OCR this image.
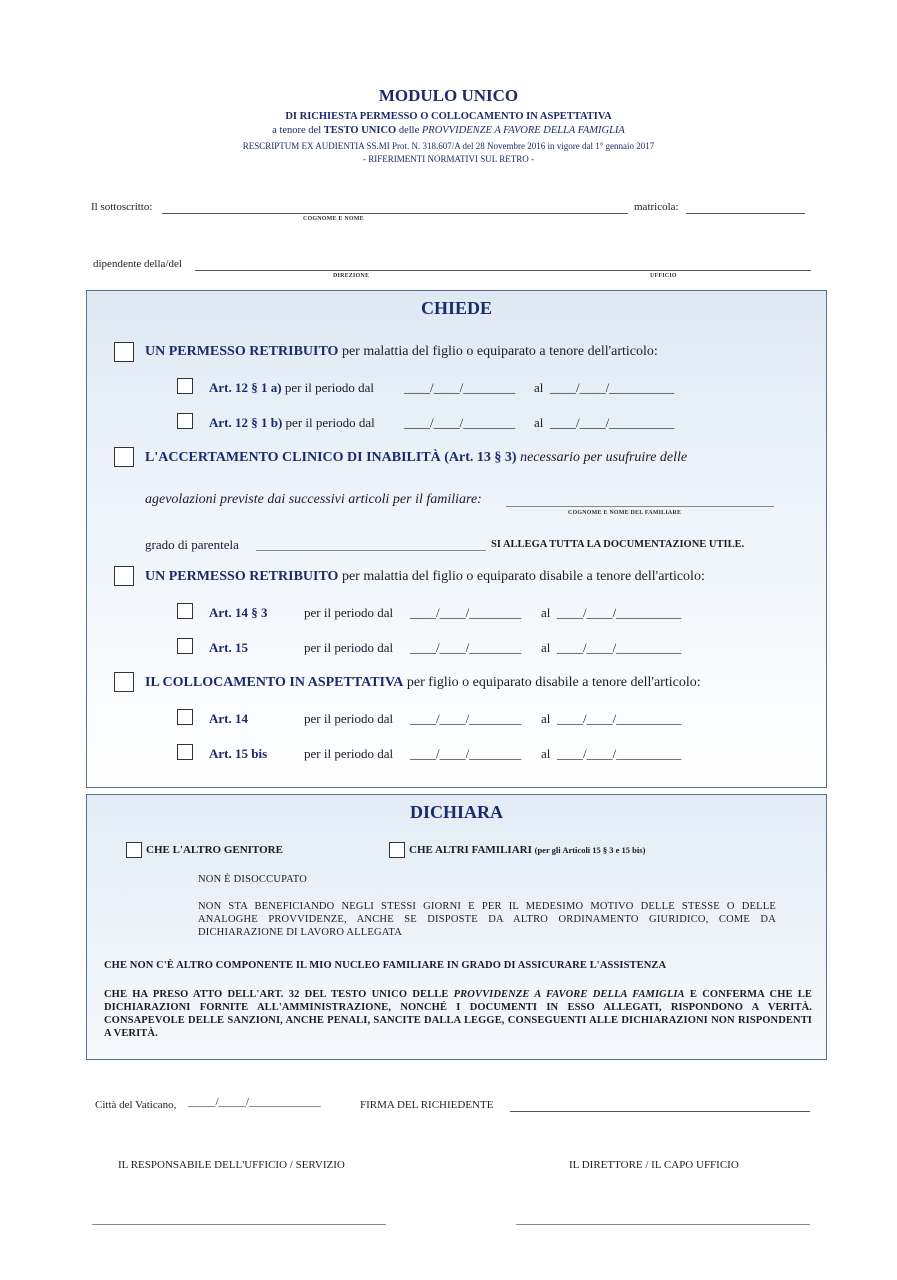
MODULO UNICO
DI RICHIESTA PERMESSO O COLLOCAMENTO IN ASPETTATIVA
a tenore del TESTO UNICO delle PROVVIDENZE A FAVORE DELLA FAMIGLIA
RESCRIPTUM EX AUDIENTIA SS.MI Prot. N. 318.607/A del 28 Novembre 2016 in vigore dal 1° gennaio 2017
- RIFERIMENTI NORMATIVI SUL RETRO -
Il sottoscritto:
COGNOME E NOME
matricola:
dipendente della/del
DIREZIONE	UFFICIO
CHIEDE
UN PERMESSO RETRIBUITO per malattia del figlio o equiparato a tenore dell'articolo:
Art. 12 § 1 a) per il periodo dal ____/____/________ al ____/____/__________
Art. 12 § 1 b) per il periodo dal ____/____/________ al ____/____/__________
L'ACCERTAMENTO CLINICO DI INABILITÀ (Art. 13 § 3) necessario per usufruire delle
agevolazioni previste dai successivi articoli per il familiare:
COGNOME E NOME DEL FAMILIARE
grado di parentela	SI ALLEGA TUTTA LA DOCUMENTAZIONE UTILE.
UN PERMESSO RETRIBUITO per malattia del figlio o equiparato disabile a tenore dell'articolo:
Art. 14 § 3	per il periodo dal ____/____/________ al ____/____/__________
Art. 15	per il periodo dal ____/____/________ al ____/____/__________
IL COLLOCAMENTO IN ASPETTATIVA per figlio o equiparato disabile a tenore dell'articolo:
Art. 14	per il periodo dal ____/____/________ al ____/____/__________
Art. 15 bis	per il periodo dal ____/____/________ al ____/____/__________
DICHIARA
CHE L'ALTRO GENITORE	CHE ALTRI FAMILIARI (per gli Articoli 15 § 3 e 15 bis)
NON È DISOCCUPATO
NON STA BENEFICIANDO NEGLI STESSI GIORNI E PER IL MEDESIMO MOTIVO DELLE STESSE O DELLE ANALOGHE PROVVIDENZE, ANCHE SE DISPOSTE DA ALTRO ORDINAMENTO GIURIDICO, COME DA DICHIARAZIONE DI LAVORO ALLEGATA
CHE NON C'È ALTRO COMPONENTE IL MIO NUCLEO FAMILIARE IN GRADO DI ASSICURARE L'ASSISTENZA
CHE HA PRESO ATTO DELL'ART. 32 DEL TESTO UNICO DELLE PROVVIDENZE A FAVORE DELLA FAMIGLIA E CONFERMA CHE LE DICHIARAZIONI FORNITE ALL'AMMINISTRAZIONE, NONCHÉ I DOCUMENTI IN ESSO ALLEGATI, RISPONDONO A VERITÀ. CONSAPEVOLE DELLE SANZIONI, ANCHE PENALI, SANCITE DALLA LEGGE, CONSEGUENTI ALLE DICHIARAZIONI NON RISPONDENTI A VERITÀ.
Città del Vaticano, _____/_____/_____________	FIRMA DEL RICHIEDENTE
IL RESPONSABILE DELL'UFFICIO / SERVIZIO	IL DIRETTORE / IL CAPO UFFICIO
